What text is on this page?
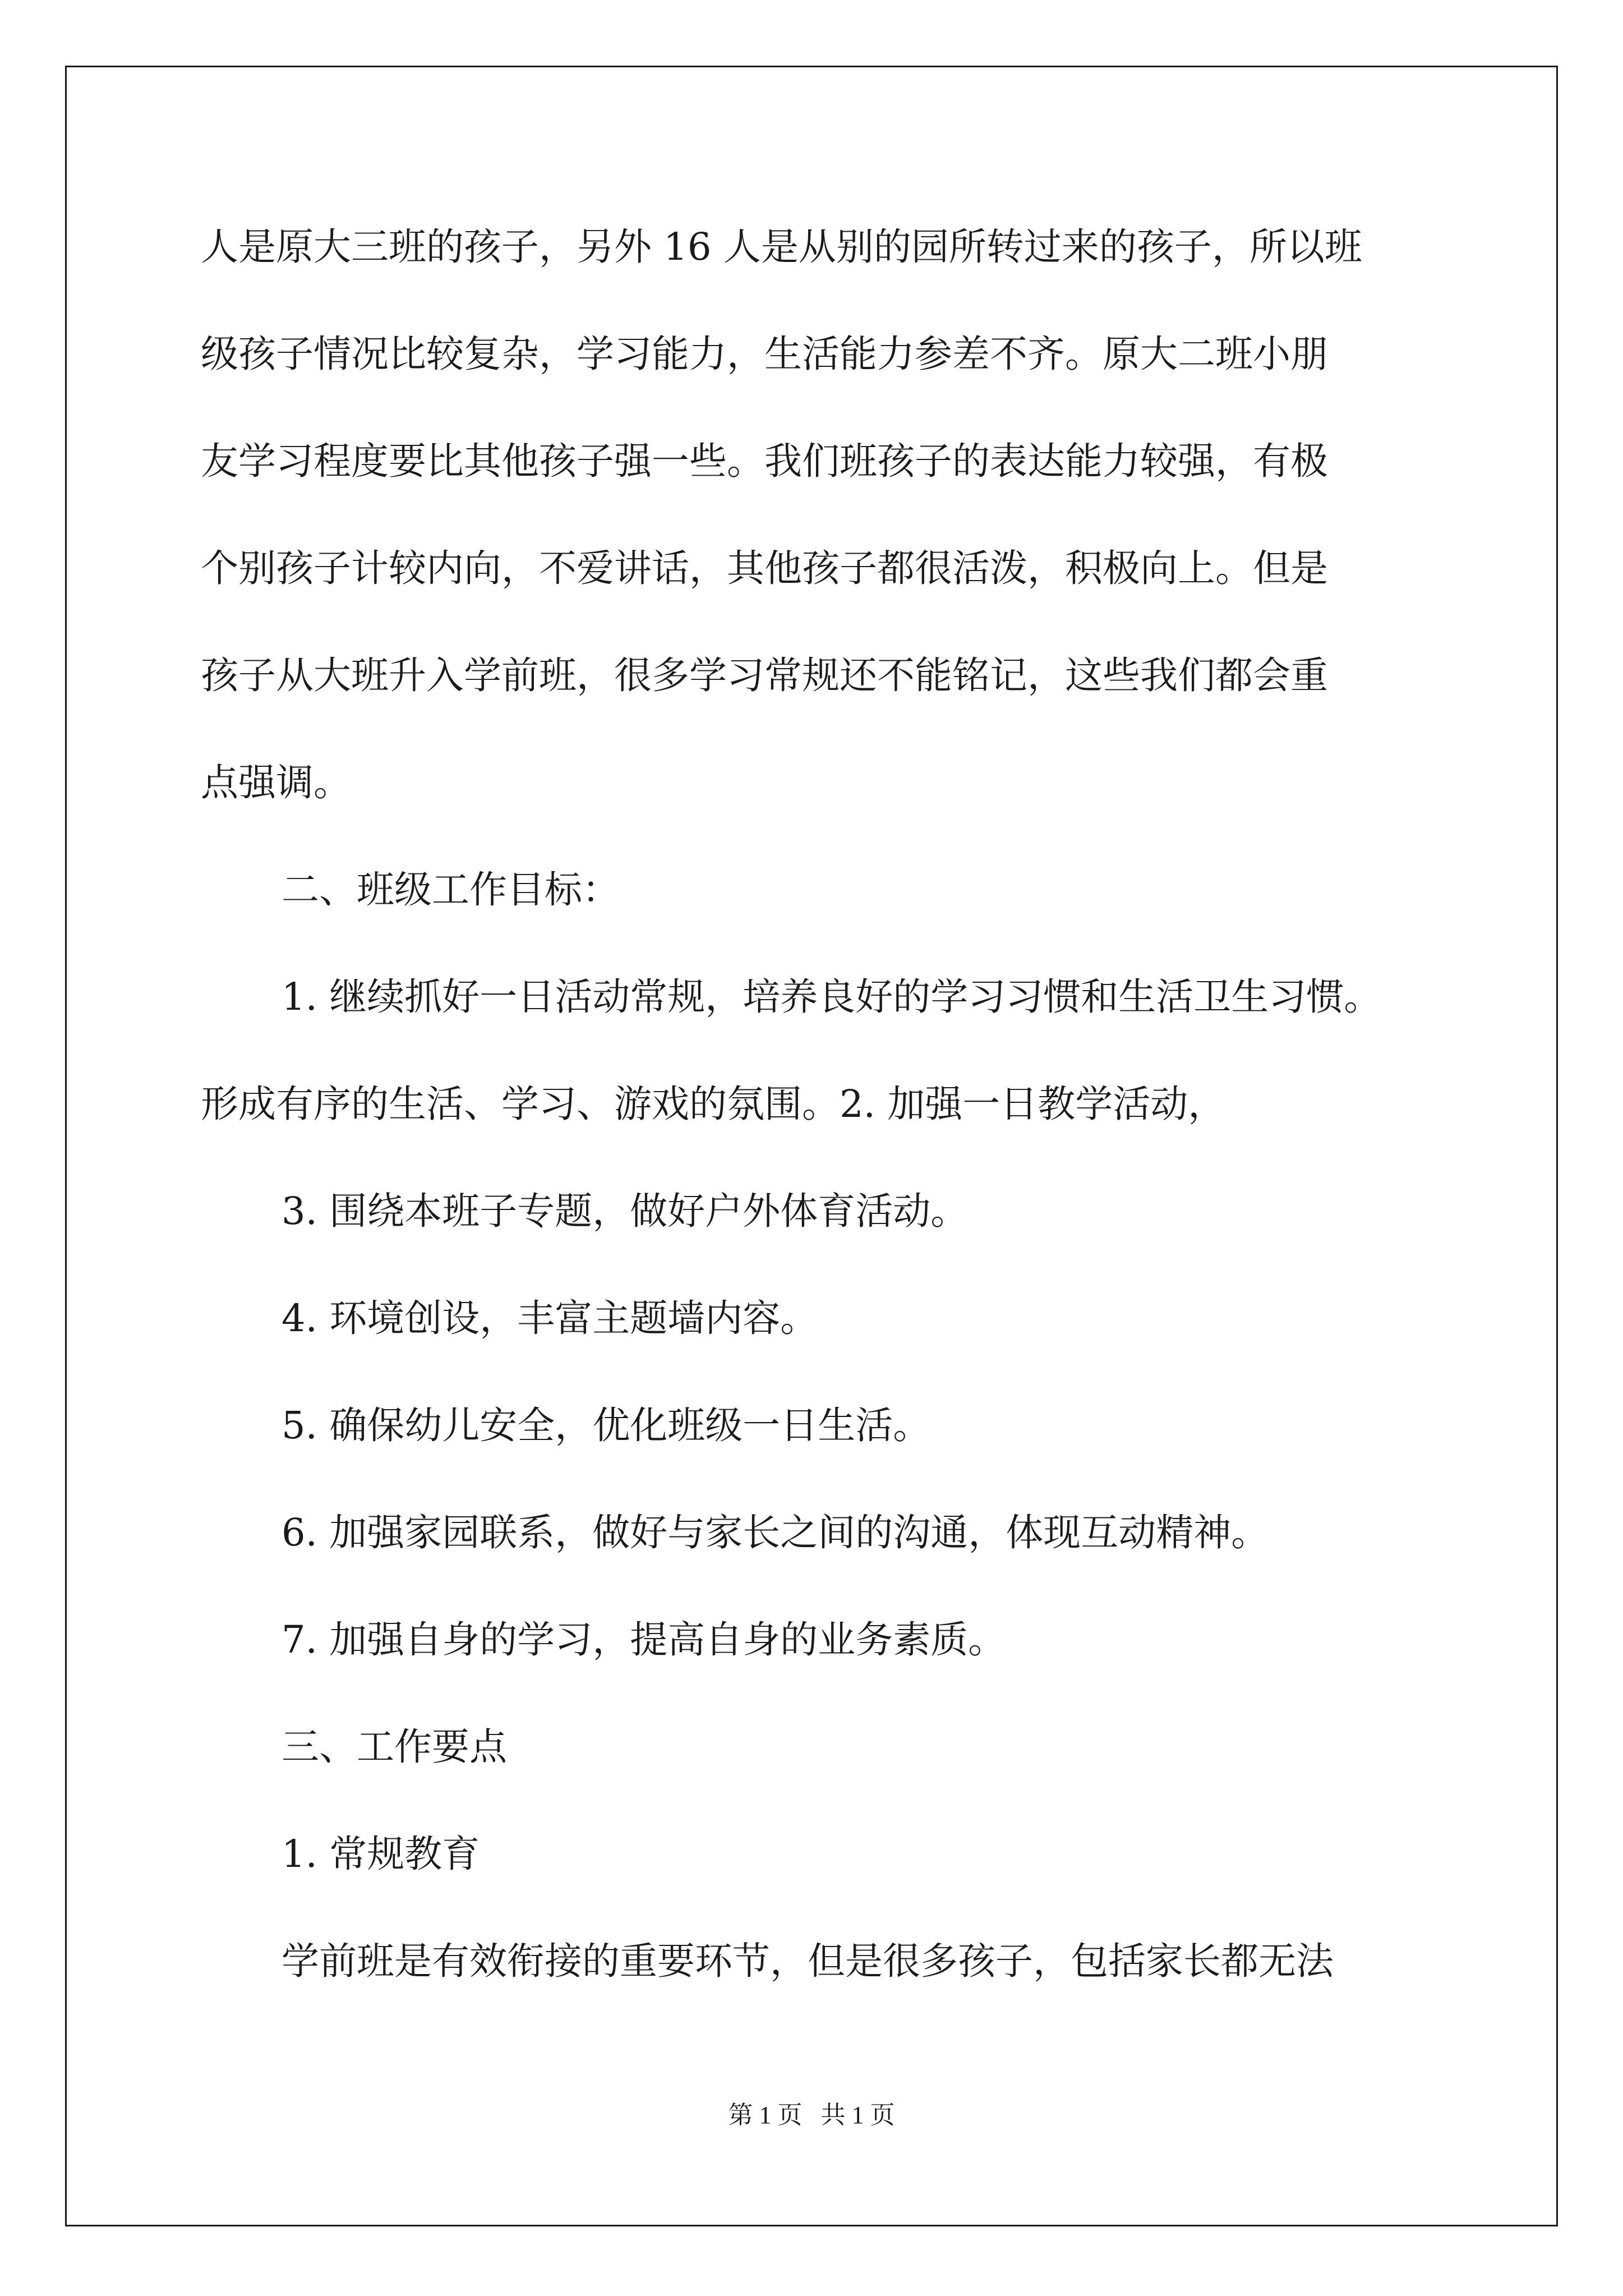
人是原大三班的孩子，另外 16 人是从别的园所转过来的孩子，所以班
级孩子情况比较复杂，学习能力，生活能力参差不齐。原大二班小朋
友学习程度要比其他孩子强一些。我们班孩子的表达能力较强，有极
个别孩子计较内向，不爱讲话，其他孩子都很活泼，积极向上。但是
孩子从大班升入学前班，很多学习常规还不能铭记，这些我们都会重
点强调。
二、班级工作目标：
1. 继续抓好一日活动常规，培养良好的学习习惯和生活卫生习惯。
形成有序的生活、学习、游戏的氛围。2. 加强一日教学活动，
3. 围绕本班子专题，做好户外体育活动。
4. 环境创设，丰富主题墙内容。
5. 确保幼儿安全，优化班级一日生活。
6. 加强家园联系，做好与家长之间的沟通，体现互动精神。
7. 加强自身的学习，提高自身的业务素质。
三、工作要点
1. 常规教育
学前班是有效衔接的重要环节，但是很多孩子，包括家长都无法
第 1 页   共 1 页
